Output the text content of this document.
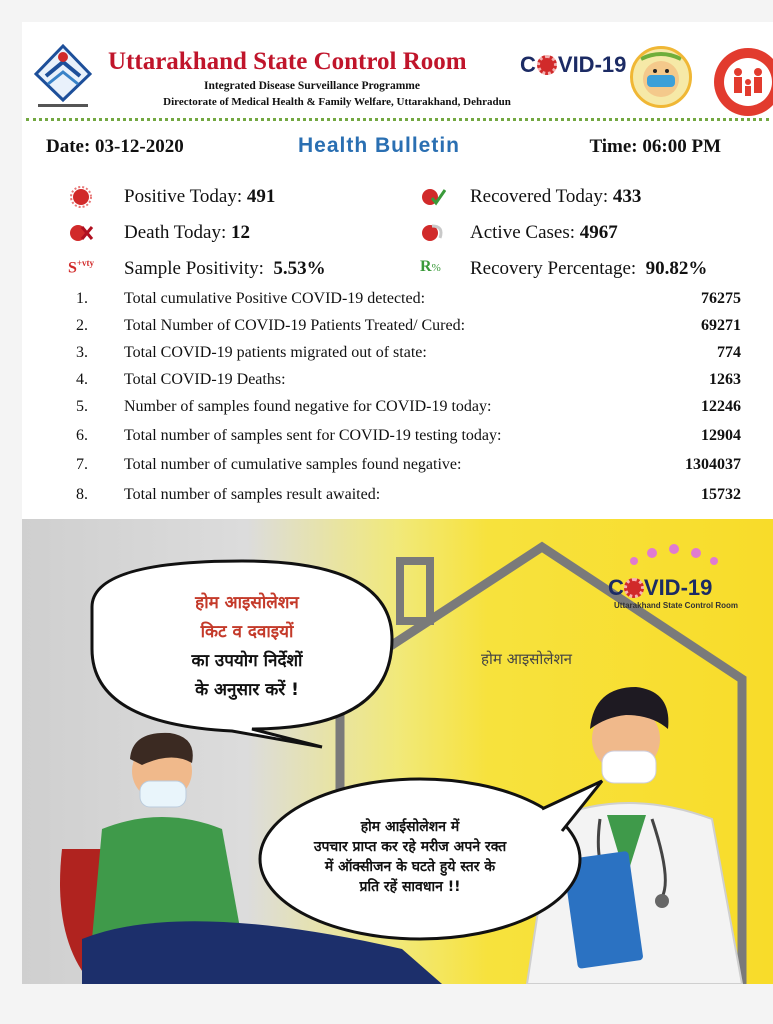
Uttarakhand State Control Room C VID-19
Integrated Disease Surveillance Programme
Directorate of Medical Health & Family Welfare, Uttarakhand, Dehradun
Date: 03-12-2020	Health Bulletin	Time: 06:00 PM
Positive Today: 491	Recovered Today: 433
Death Today: 12	Active Cases: 4967
$S^{+vty}$ Sample Positivity: 5.53%	R% Recovery Percentage: 90.82%
1. Total cumulative Positive COVID-19 detected:	76275
2. Total Number of COVID-19 Patients Treated/ Cured:	69271
3. Total COVID-19 patients migrated out of state:	774
4. Total COVID-19 Deaths:	1263
5. Number of samples found negative for COVID-19 today:	12246
6. Total number of samples sent for COVID-19 testing today:	12904
7. Total number of cumulative samples found negative:	1304037
8. Total number of samples result awaited:	15732
होम आइसोलेशन
किट व दवाइयों
का उपयोग निर्देशों
के अनुसार करें !
होम आईसोलेशन में
उपचार प्राप्त कर रहे मरीज अपने रक्त
में ऑक्सीजन के घटते हुये स्तर के
प्रति रहें सावधान !!
होम आइसोलेशन
C VID-19
Uttarakhand State Control Room
